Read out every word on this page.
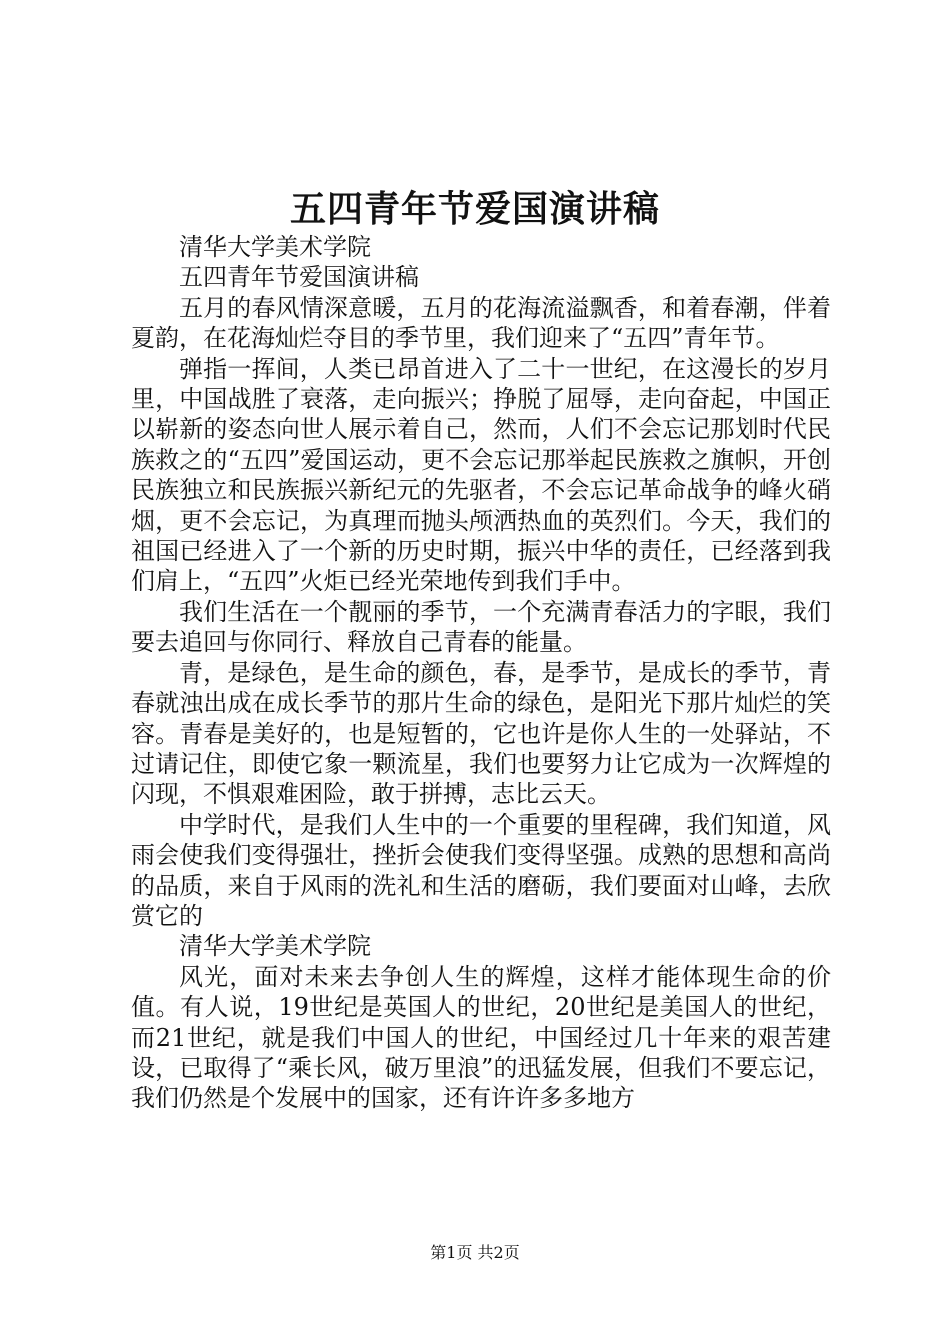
五四青年节爱国演讲稿

清华大学美术学院

五四青年节爱国演讲稿

五月的春风情深意暖，五月的花海流溢飘香，和着春潮，伴着夏韵，在花海灿烂夺目的季节里，我们迎来了“五四”青年节。

弹指一挥间，人类已昂首进入了二十一世纪，在这漫长的岁月里，中国战胜了衰落，走向振兴；挣脱了屈辱，走向奋起，中国正以崭新的姿态向世人展示着自己，然而，人们不会忘记那划时代民族救之的“五四”爱国运动，更不会忘记那举起民族救之旗帜，开创民族独立和民族振兴新纪元的先驱者，不会忘记革命战争的峰火硝烟，更不会忘记，为真理而抛头颅洒热血的英烈们。今天，我们的祖国已经进入了一个新的历史时期，振兴中华的责任，已经落到我们肩上，“五四”火炬已经光荣地传到我们手中。

我们生活在一个靓丽的季节，一个充满青春活力的字眼，我们要去追回与你同行、释放自己青春的能量。

青，是绿色，是生命的颜色，春，是季节，是成长的季节，青春就浊出成在成长季节的那片生命的绿色，是阳光下那片灿烂的笑容。青春是美好的，也是短暂的，它也许是你人生的一处驿站，不过请记住，即使它象一颗流星，我们也要努力让它成为一次辉煌的闪现，不惧艰难困险，敢于拼搏，志比云天。

中学时代，是我们人生中的一个重要的里程碑，我们知道，风雨会使我们变得强壮，挫折会使我们变得坚强。成熟的思想和高尚的品质，来自于风雨的洗礼和生活的磨砺，我们要面对山峰，去欣赏它的

清华大学美术学院

风光，面对未来去争创人生的辉煌，这样才能体现生命的价值。有人说，19世纪是英国人的世纪，20世纪是美国人的世纪，而21世纪，就是我们中国人的世纪，中国经过几十年来的艰苦建设，已取得了“乘长风，破万里浪”的迅猛发展，但我们不要忘记，我们仍然是个发展中的国家，还有许许多多地方

第1页 共2页
